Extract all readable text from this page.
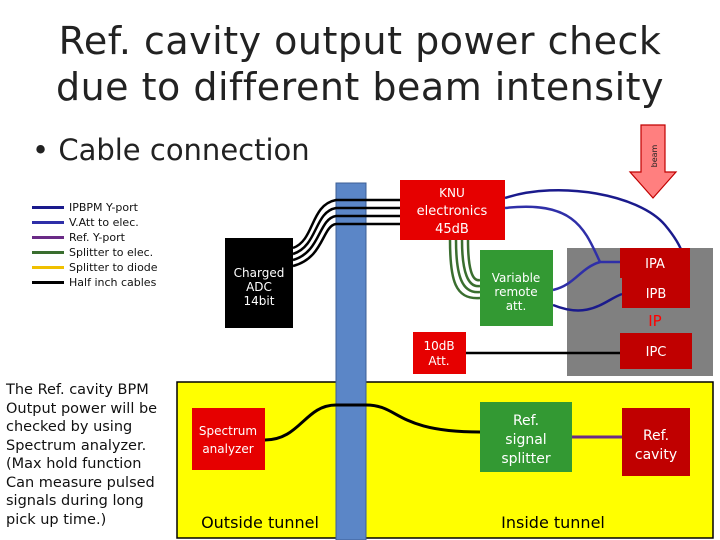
Ref. cavity output power check
due to different beam intensity
• Cable connection
IPBPM Y-port
V.Att to elec.
Ref. Y-port
Splitter to elec.
Splitter to diode
Half inch cables
KNU
electronics
45dB
Charged
ADC
14bit
Variable
remote
att.
10dB
Att.
IPA
IPB
IP
IPC
Spectrum
analyzer
Ref.
signal
splitter
Ref.
cavity
Outside tunnel	Inside tunnel
beam
The Ref. cavity BPM Output power will be checked by using Spectrum analyzer. (Max hold function Can measure pulsed signals during long pick up time.)
